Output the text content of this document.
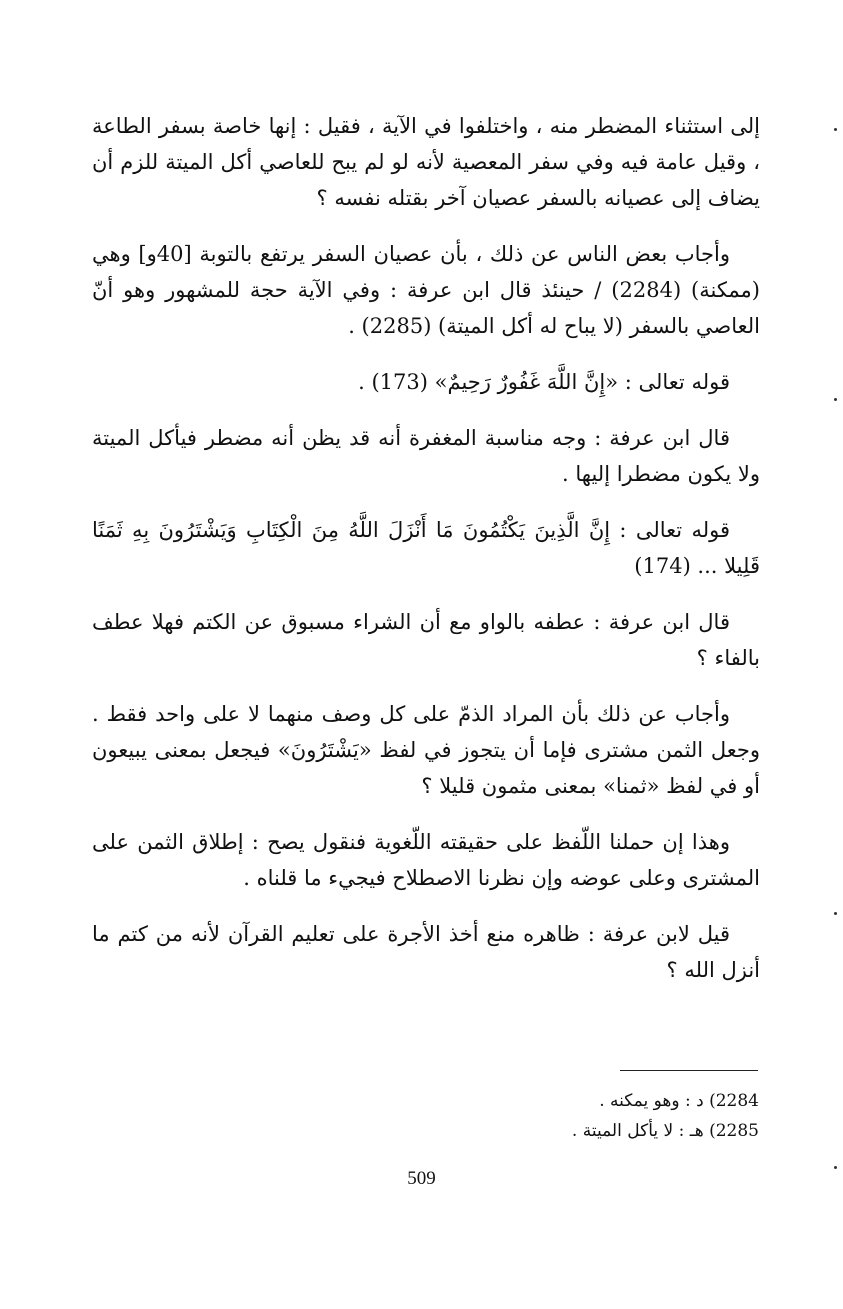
إلى استثناء المضطر منه ، واختلفوا في الآية ، فقيل : إنها خاصة بسفر الطاعة ، وقيل عامة فيه وفي سفر المعصية لأنه لو لم يبح للعاصي أكل الميتة للزم أن يضاف إلى عصيانه بالسفر عصيان آخر بقتله نفسه ؟

وأجاب بعض الناس عن ذلك ، بأن عصيان السفر يرتفع بالتوبة [40و] وهي (ممكنة) (2284) / حينئذ قال ابن عرفة : وفي الآية حجة للمشهور وهو أنّ العاصي بالسفر (لا يباح له أكل الميتة) (2285) .

قوله تعالى : «إِنَّ اللَّهَ غَفُورٌ رَحِيمٌ» (173) .

قال ابن عرفة : وجه مناسبة المغفرة أنه قد يظن أنه مضطر فيأكل الميتة ولا يكون مضطرا إليها .

قوله تعالى : إِنَّ الَّذِينَ يَكْتُمُونَ مَا أَنْزَلَ اللَّهُ مِنَ الْكِتَابِ وَيَشْتَرُونَ بِهِ ثَمَنًا قَلِيلا ... (174)

قال ابن عرفة : عطفه بالواو مع أن الشراء مسبوق عن الكتم فهلا عطف بالفاء ؟

وأجاب عن ذلك بأن المراد الذمّ على كل وصف منهما لا على واحد فقط . وجعل الثمن مشترى فإما أن يتجوز في لفظ «يَشْتَرُونَ» فيجعل بمعنى يبيعون أو في لفظ «ثمنا» بمعنى مثمون قليلا ؟

وهذا إن حملنا اللّفظ على حقيقته اللّغوية فنقول يصح : إطلاق الثمن على المشترى وعلى عوضه وإن نظرنا الاصطلاح فيجيء ما قلناه .

قيل لابن عرفة : ظاهره منع أخذ الأجرة على تعليم القرآن لأنه من كتم ما أنزل الله ؟

2284) د : وهو يمكنه .

2285) هـ : لا يأكل الميتة .

509
